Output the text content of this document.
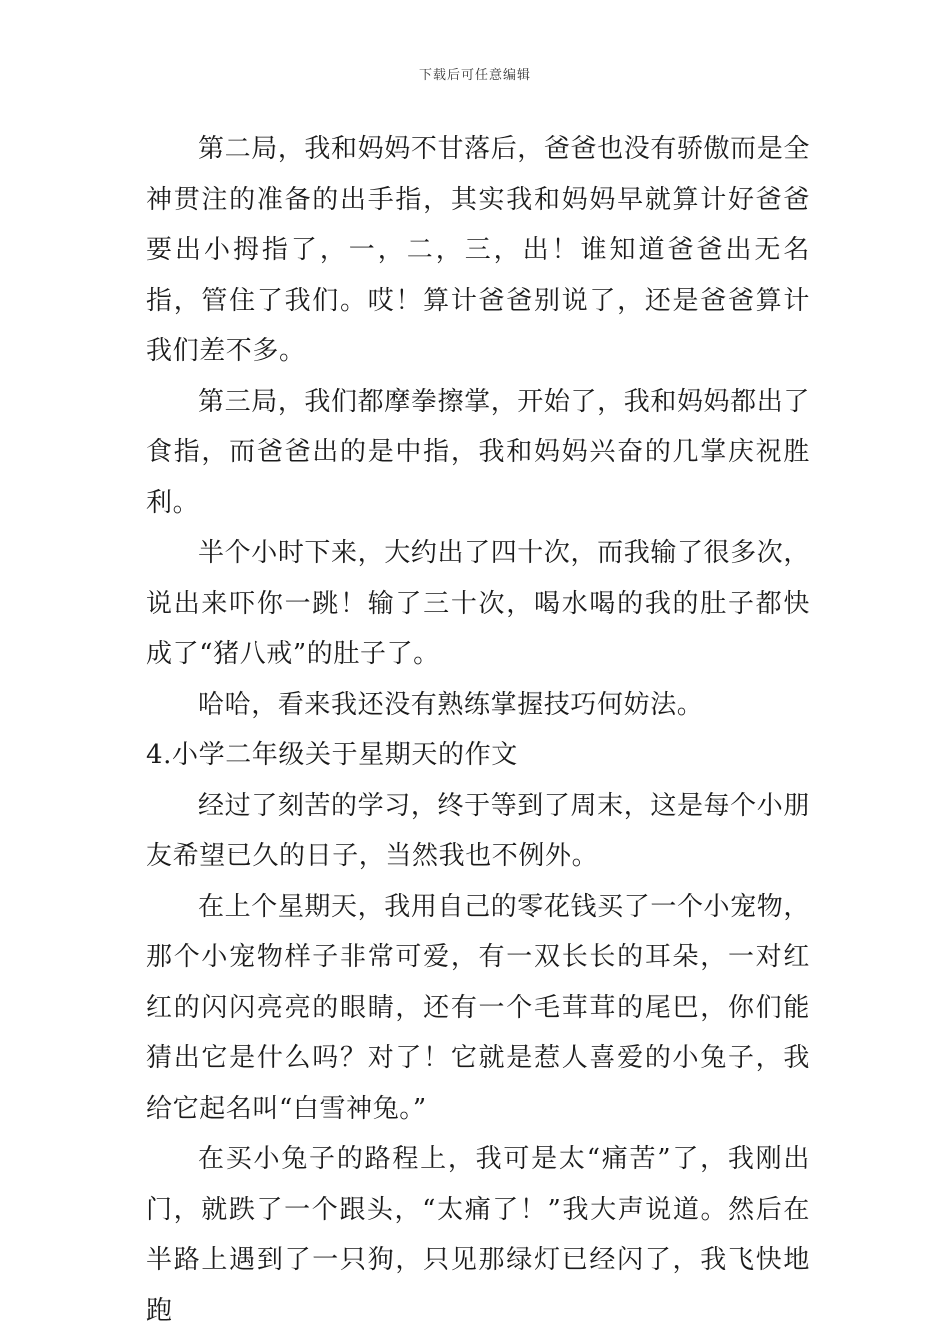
下载后可任意编辑

第二局，我和妈妈不甘落后，爸爸也没有骄傲而是全神贯注的准备的出手指，其实我和妈妈早就算计好爸爸要出小拇指了，一，二，三，出！谁知道爸爸出无名指，管住了我们。哎！算计爸爸别说了，还是爸爸算计我们差不多。

第三局，我们都摩拳擦掌，开始了，我和妈妈都出了食指，而爸爸出的是中指，我和妈妈兴奋的几掌庆祝胜利。

半个小时下来，大约出了四十次，而我输了很多次，说出来吓你一跳！输了三十次，喝水喝的我的肚子都快成了“猪八戒”的肚子了。

哈哈，看来我还没有熟练掌握技巧何妨法。

4.小学二年级关于星期天的作文

经过了刻苦的学习，终于等到了周末，这是每个小朋友希望已久的日子，当然我也不例外。

在上个星期天，我用自己的零花钱买了一个小宠物，那个小宠物样子非常可爱，有一双长长的耳朵，一对红红的闪闪亮亮的眼睛，还有一个毛茸茸的尾巴，你们能猜出它是什么吗？对了！它就是惹人喜爱的小兔子，我给它起名叫“白雪神兔。”

在买小兔子的路程上，我可是太“痛苦”了，我刚出门，就跌了一个跟头，“太痛了！”我大声说道。然后在半路上遇到了一只狗，只见那绿灯已经闪了，我飞快地跑
